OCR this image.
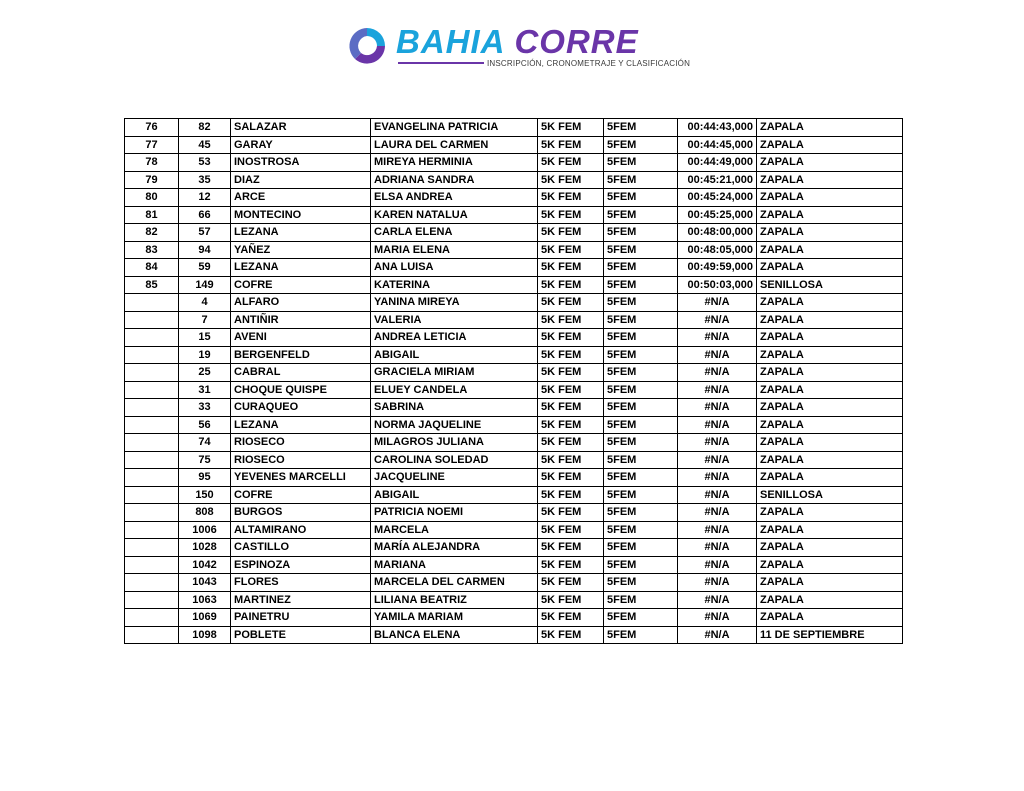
BAHIA CORRE
INSCRIPCIÓN, CRONOMETRAJE Y CLASIFICACIÓN
76	82	SALAZAR	EVANGELINA PATRICIA	5K FEM	5FEM	00:44:43,000	ZAPALA
77	45	GARAY	LAURA DEL CARMEN	5K FEM	5FEM	00:44:45,000	ZAPALA
78	53	INOSTROSA	MIREYA HERMINIA	5K FEM	5FEM	00:44:49,000	ZAPALA
79	35	DIAZ	ADRIANA SANDRA	5K FEM	5FEM	00:45:21,000	ZAPALA
80	12	ARCE	ELSA ANDREA	5K FEM	5FEM	00:45:24,000	ZAPALA
81	66	MONTECINO	KAREN NATALUA	5K FEM	5FEM	00:45:25,000	ZAPALA
82	57	LEZANA	CARLA ELENA	5K FEM	5FEM	00:48:00,000	ZAPALA
83	94	YAÑEZ	MARIA ELENA	5K FEM	5FEM	00:48:05,000	ZAPALA
84	59	LEZANA	ANA LUISA	5K FEM	5FEM	00:49:59,000	ZAPALA
85	149	COFRE	KATERINA	5K FEM	5FEM	00:50:03,000	SENILLOSA
	4	ALFARO	YANINA MIREYA	5K FEM	5FEM	#N/A	ZAPALA
	7	ANTIÑIR	VALERIA	5K FEM	5FEM	#N/A	ZAPALA
	15	AVENI	ANDREA LETICIA	5K FEM	5FEM	#N/A	ZAPALA
	19	BERGENFELD	ABIGAIL	5K FEM	5FEM	#N/A	ZAPALA
	25	CABRAL	GRACIELA MIRIAM	5K FEM	5FEM	#N/A	ZAPALA
	31	CHOQUE QUISPE	ELUEY CANDELA	5K FEM	5FEM	#N/A	ZAPALA
	33	CURAQUEO	SABRINA	5K FEM	5FEM	#N/A	ZAPALA
	56	LEZANA	NORMA JAQUELINE	5K FEM	5FEM	#N/A	ZAPALA
	74	RIOSECO	MILAGROS JULIANA	5K FEM	5FEM	#N/A	ZAPALA
	75	RIOSECO	CAROLINA SOLEDAD	5K FEM	5FEM	#N/A	ZAPALA
	95	YEVENES MARCELLI	JACQUELINE	5K FEM	5FEM	#N/A	ZAPALA
	150	COFRE	ABIGAIL	5K FEM	5FEM	#N/A	SENILLOSA
	808	BURGOS	PATRICIA NOEMI	5K FEM	5FEM	#N/A	ZAPALA
	1006	ALTAMIRANO	MARCELA	5K FEM	5FEM	#N/A	ZAPALA
	1028	CASTILLO	MARÍA ALEJANDRA	5K FEM	5FEM	#N/A	ZAPALA
	1042	ESPINOZA	MARIANA	5K FEM	5FEM	#N/A	ZAPALA
	1043	FLORES	MARCELA DEL CARMEN	5K FEM	5FEM	#N/A	ZAPALA
	1063	MARTINEZ	LILIANA BEATRIZ	5K FEM	5FEM	#N/A	ZAPALA
	1069	PAINETRU	YAMILA MARIAM	5K FEM	5FEM	#N/A	ZAPALA
	1098	POBLETE	BLANCA ELENA	5K FEM	5FEM	#N/A	11 DE SEPTIEMBRE
